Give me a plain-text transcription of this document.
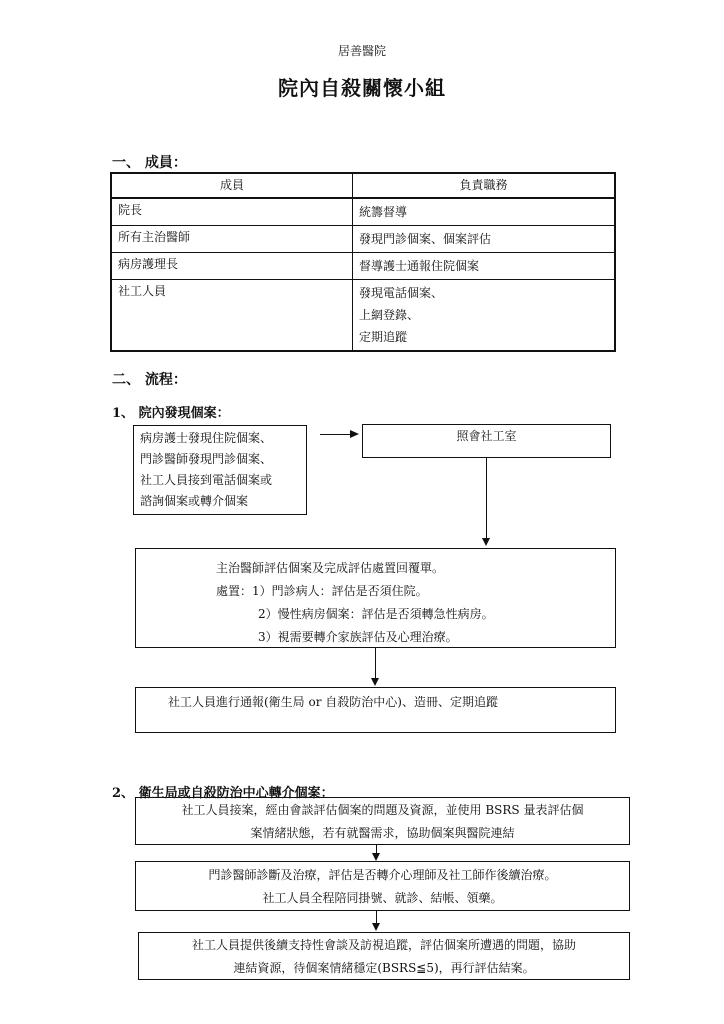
居善醫院
院內自殺關懷小組
一、 成員：
成員	負責職務
院長	統籌督導
所有主治醫師	發現門診個案、個案評估
病房護理長	督導護士通報住院個案
社工人員	發現電話個案、
上網登錄、
定期追蹤
二、 流程：
1、 院內發現個案：
病房護士發現住院個案、
門診醫師發現門診個案、
社工人員接到電話個案或
諮詢個案或轉介個案
照會社工室
主治醫師評估個案及完成評估處置回覆單。
處置：1）門診病人：評估是否須住院。
2）慢性病房個案：評估是否須轉急性病房。
3）視需要轉介家族評估及心理治療。
社工人員進行通報(衛生局 or 自殺防治中心)、造冊、定期追蹤
2、 衛生局或自殺防治中心轉介個案：
社工人員接案，經由會談評估個案的問題及資源，並使用 BSRS 量表評估個
案情緒狀態，若有就醫需求，協助個案與醫院連結
門診醫師診斷及治療，評估是否轉介心理師及社工師作後續治療。
社工人員全程陪同掛號、就診、結帳、領藥。
社工人員提供後續支持性會談及訪視追蹤，評估個案所遭遇的問題，協助
連結資源，待個案情緒穩定(BSRS≦5)，再行評估結案。
